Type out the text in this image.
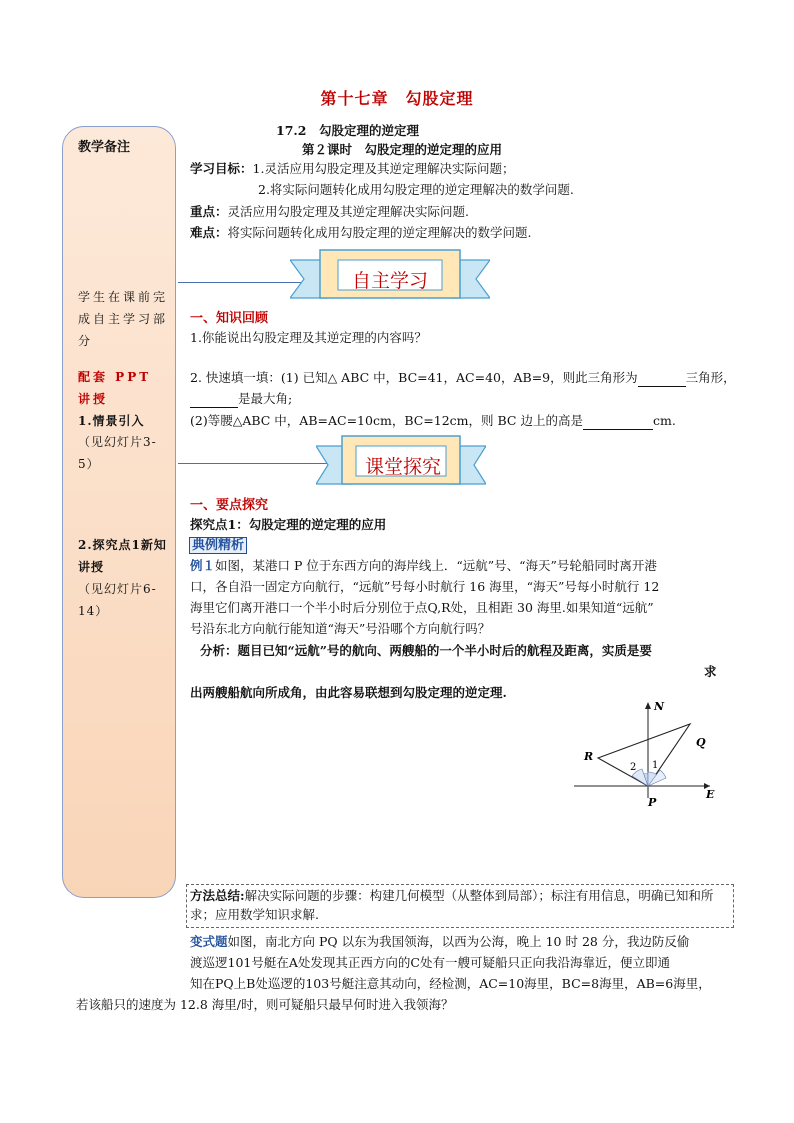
第十七章　勾股定理
教学备注
学生在课前完成自主学习部分
配套 PPT 讲授
1.情景引入
（见幻灯片3-5）
2.探究点1新知讲授
（见幻灯片6-14）
17.2　勾股定理的逆定理
第２课时　勾股定理的逆定理的应用
学习目标：1.灵活应用勾股定理及其逆定理解决实际问题；
2.将实际问题转化成用勾股定理的逆定理解决的数学问题.
重点：灵活应用勾股定理及其逆定理解决实际问题.
难点：将实际问题转化成用勾股定理的逆定理解决的数学问题.
自主学习
一、知识回顾
1.你能说出勾股定理及其逆定理的内容吗？
2. 快速填一填：(1) 已知△ ABC 中，BC=41，AC=40，AB=9，则此三角形为	三角形，
是最大角;
(2)等腰△ABC 中，AB=AC=10cm，BC=12cm，则 BC 边上的高是	cm.
课堂探究
一、要点探究
探究点1：勾股定理的逆定理的应用
典例精析
例１如图，某港口 P 位于东西方向的海岸线上．“远航”号、“海天”号轮船同时离开港
口，各自沿一固定方向航行，“远航”号每小时航行 16 海里，“海天”号每小时航行 12
海里它们离开港口一个半小时后分别位于点Q,R处，且相距 30 海里.如果知道“远航”
号沿东北方向航行能知道“海天”号沿哪个方向航行吗？
分析：题目已知“远航”号的航向、两艘船的一个半小时后的航程及距离，实质是要
求
出两艘船航向所成角，由此容易联想到勾股定理的逆定理.
N
E
P
Q
R
1
2
方法总结:解决实际问题的步骤：构建几何模型（从整体到局部）；标注有用信息，明确已知和所求；应用数学知识求解.
变式题如图，南北方向 PQ 以东为我国领海，以西为公海，晚上 10 时 28 分，我边防反偷
渡巡逻101号艇在A处发现其正西方向的C处有一艘可疑船只正向我沿海靠近，便立即通
知在PQ上B处巡逻的103号艇注意其动向，经检测，AC=10海里，BC=8海里，AB=6海里，
若该船只的速度为 12.8 海里/时，则可疑船只最早何时进入我领海？
